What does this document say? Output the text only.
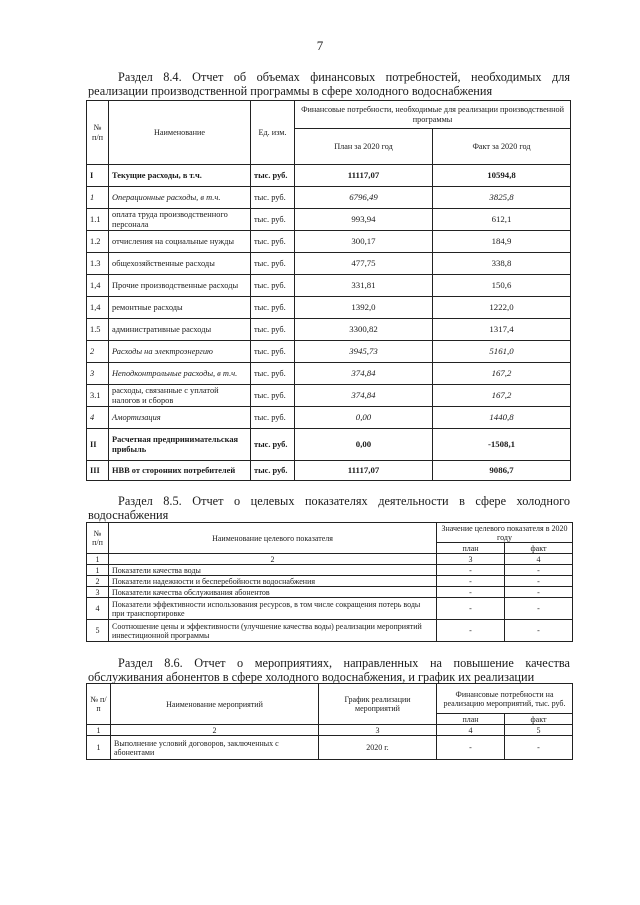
7
Раздел 8.4. Отчет об объемах финансовых потребностей, необходимых для
реализации производственной программы в сфере холодного водоснабжения
№ п/п	Наименование	Ед. изм.	Финансовые потребности, необходимые для реализации производственной программы	
			План за 2020 год	Факт за 2020 год
I	Текущие расходы, в т.ч.	тыс. руб.	11117,07	10594,8
1	Операционные расходы, в т.ч.	тыс. руб.	6796,49	3825,8
1.1	оплата труда производственного персонала	тыс. руб.	993,94	612,1
1.2	отчисления на социальные нужды	тыс. руб.	300,17	184,9
1.3	общехозяйственные расходы	тыс. руб.	477,75	338,8
1,4	Прочие производственные расходы	тыс. руб.	331,81	150,6
1,4	ремонтные расходы	тыс. руб.	1392,0	1222,0
1.5	административные расходы	тыс. руб.	3300,82	1317,4
2	Расходы на электроэнергию	тыс. руб.	3945,73	5161,0
3	Неподконтрольные расходы, в т.ч.	тыс. руб.	374,84	167,2
3.1	расходы, связанные с уплатой налогов и сборов	тыс. руб.	374,84	167,2
4	Амортизация	тыс. руб.	0,00	1440,8
II	Расчетная предпринимательская прибыль	тыс. руб.	0,00	-1508,1
III	НВВ от сторонних потребителей	тыс. руб.	11117,07	9086,7
Раздел 8.5. Отчет о целевых показателях деятельности в сфере холодного
водоснабжения
№ п/п	Наименование целевого показателя	Значение целевого показателя в 2020 году	
		план	факт
1	2	3	4
1	Показатели качества воды	-	-
2	Показатели надежности и бесперебойности водоснабжения	-	-
3	Показатели качества обслуживания абонентов	-	-
4	Показатели эффективности использования ресурсов, в том числе сокращения потерь воды при транспортировке	-	-
5	Соотношение цены и эффективности (улучшение качества воды) реализации мероприятий инвестиционной программы	-	-
Раздел 8.6. Отчет о мероприятиях, направленных на повышение качества
обслуживания абонентов в сфере холодного водоснабжения, и график их реализации
№ п/п	Наименование мероприятий	График реализации мероприятий	Финансовые потребности на реализацию мероприятий, тыс. руб.	
			план	факт
1	2	3	4	5
1	Выполнение условий договоров, заключенных с абонентами	2020 г.	-	-
